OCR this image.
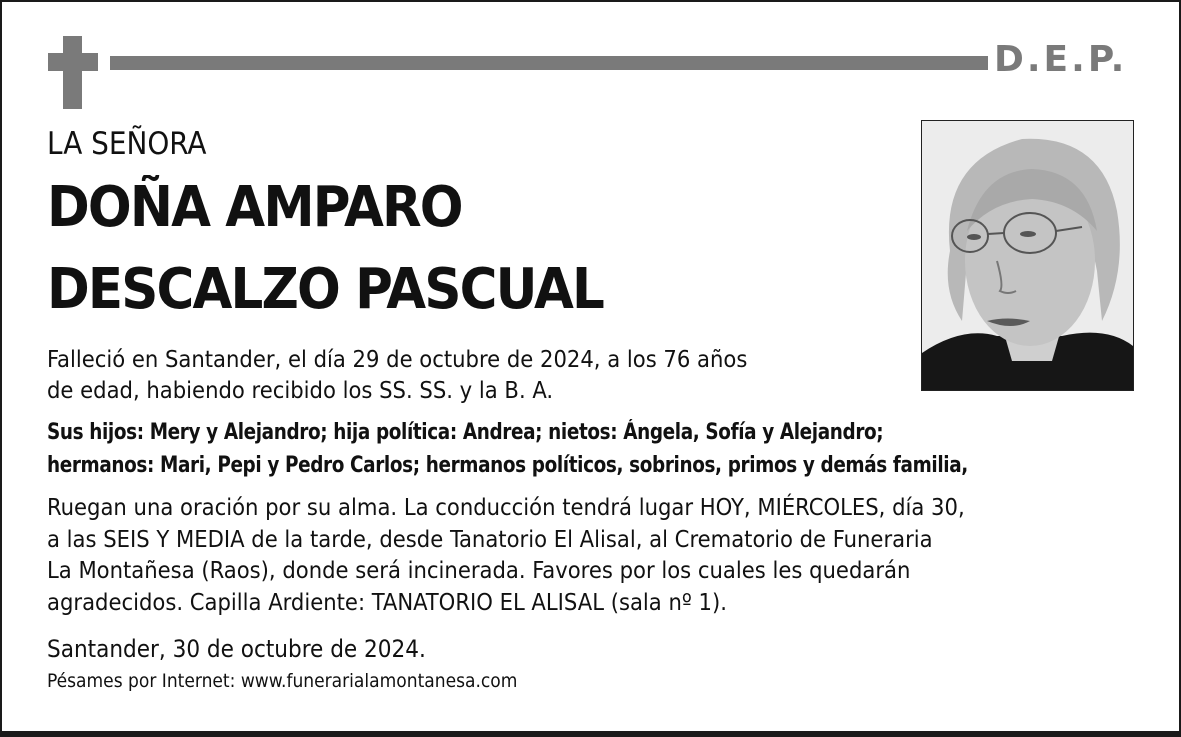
D.E.P.
LA SEÑORA
DOÑA AMPARO
DESCALZO PASCUAL
Falleció en Santander, el día 29 de octubre de 2024, a los 76 años
de edad, habiendo recibido los SS. SS. y la B. A.
Sus hijos: Mery y Alejandro; hija política: Andrea; nietos: Ángela, Sofía y Alejandro;
hermanos: Mari, Pepi y Pedro Carlos; hermanos políticos, sobrinos, primos y demás familia,
Ruegan una oración por su alma. La conducción tendrá lugar HOY, MIÉRCOLES, día 30,
a las SEIS Y MEDIA de la tarde, desde Tanatorio El Alisal, al Crematorio de Funeraria
La Montañesa (Raos), donde será incinerada. Favores por los cuales les quedarán
agradecidos. Capilla Ardiente: TANATORIO EL ALISAL (sala nº 1).
Santander, 30 de octubre de 2024.
Pésames por Internet: www.funerarialamontanesa.com
